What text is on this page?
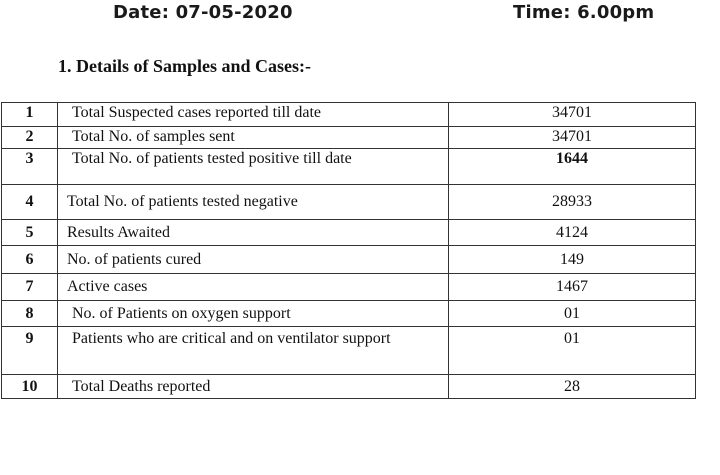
Date: 07-05-2020	Time: 6.00pm
1. Details of Samples and Cases:-
1	Total Suspected cases reported till date	34701
2	Total No. of samples sent	34701
3	Total No. of patients tested positive till date	1644
4	Total No. of patients tested negative	28933
5	Results Awaited	4124
6	No. of patients cured	149
7	Active cases	1467
8	No. of Patients on oxygen support	01
9	Patients who are critical and on ventilator support	01
10	Total Deaths reported	28
